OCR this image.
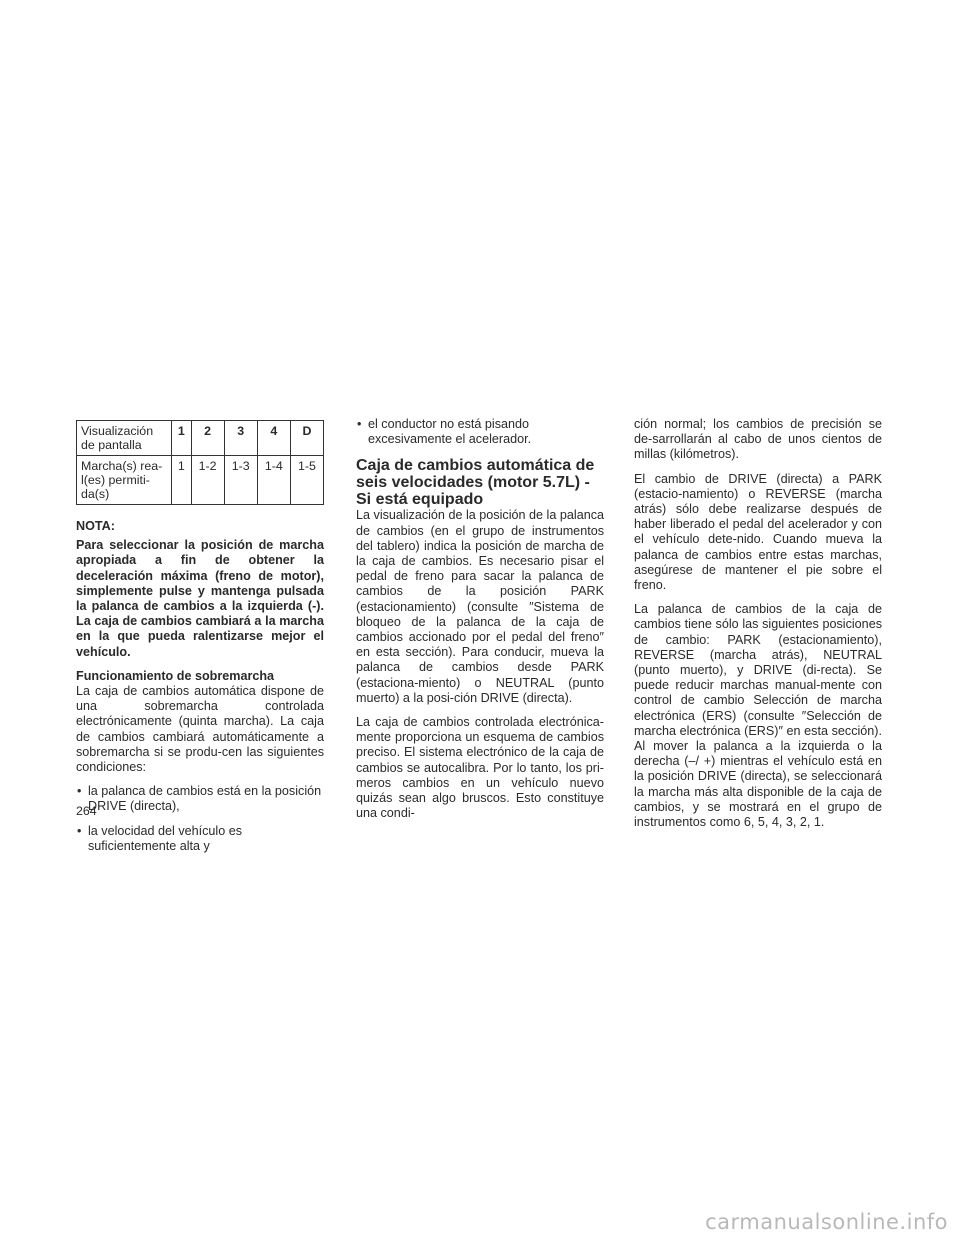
Visualización de pantalla	1	2	3	4	D
Marcha(s) rea-l(es) permiti-da(s)	1	1-2	1-3	1-4	1-5
NOTA:
Para seleccionar la posición de marcha apropiada a fin de obtener la deceleración máxima (freno de motor), simplemente pulse y mantenga pulsada la palanca de cambios a la izquierda (-). La caja de cambios cambiará a la marcha en la que pueda ralentizarse mejor el vehículo.
Funcionamiento de sobremarcha

La caja de cambios automática dispone de una sobremarcha controlada electrónicamente (quinta marcha). La caja de cambios cambiará automáticamente a sobremarcha si se produ-cen las siguientes condiciones:

• la palanca de cambios está en la posición DRIVE (directa),
• la velocidad del vehículo es suficientemente alta y
• el conductor no está pisando excesivamente el acelerador.
Caja de cambios automática de seis velocidades (motor 5.7L) - Si está equipado

La visualización de la posición de la palanca de cambios (en el grupo de instrumentos del tablero) indica la posición de marcha de la caja de cambios. Es necesario pisar el pedal de freno para sacar la palanca de cambios de la posición PARK (estacionamiento) (consulte ″Sistema de bloqueo de la palanca de la caja de cambios accionado por el pedal del freno″ en esta sección). Para conducir, mueva la palanca de cambios desde PARK (estaciona-miento) o NEUTRAL (punto muerto) a la posi-ción DRIVE (directa).

La caja de cambios controlada electrónica-mente proporciona un esquema de cambios preciso. El sistema electrónico de la caja de cambios se autocalibra. Por lo tanto, los pri-meros cambios en un vehículo nuevo quizás sean algo bruscos. Esto constituye una condi-

ción normal; los cambios de precisión se de-sarrollarán al cabo de unos cientos de millas (kilómetros).

El cambio de DRIVE (directa) a PARK (estacio-namiento) o REVERSE (marcha atrás) sólo debe realizarse después de haber liberado el pedal del acelerador y con el vehículo dete-nido. Cuando mueva la palanca de cambios entre estas marchas, asegúrese de mantener el pie sobre el freno.

La palanca de cambios de la caja de cambios tiene sólo las siguientes posiciones de cambio: PARK (estacionamiento), REVERSE (marcha atrás), NEUTRAL (punto muerto), y DRIVE (di-recta). Se puede reducir marchas manual-mente con control de cambio Selección de marcha electrónica (ERS) (consulte ″Selección de marcha electrónica (ERS)″ en esta sección). Al mover la palanca a la izquierda o la derecha (–/ +) mientras el vehículo está en la posición DRIVE (directa), se seleccionará la marcha más alta disponible de la caja de cambios, y se mostrará en el grupo de instrumentos como 6, 5, 4, 3, 2, 1.

264
carmanualsonline.info
